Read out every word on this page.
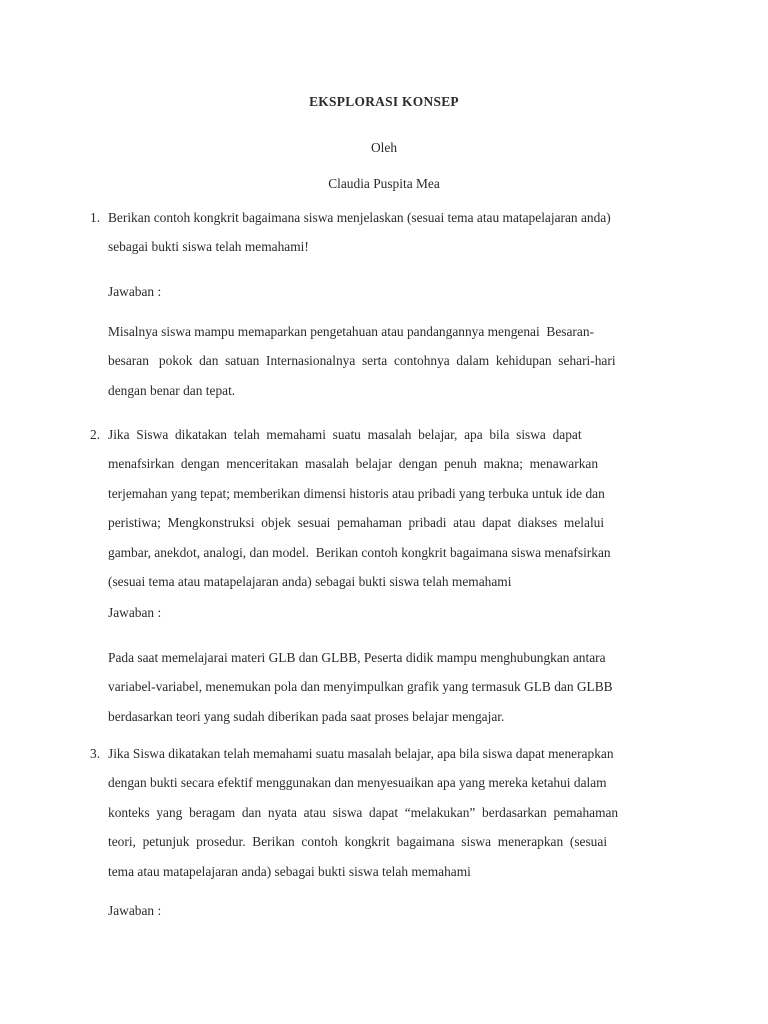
EKSPLORASI KONSEP
Oleh
Claudia Puspita Mea
1. Berikan contoh kongkrit bagaimana siswa menjelaskan (sesuai tema atau matapelajaran anda)
sebagai bukti siswa telah memahami!
Jawaban :
Misalnya siswa mampu memaparkan pengetahuan atau pandangannya mengenai  Besaran-
besaran   pokok  dan  satuan  Internasionalnya  serta  contohnya  dalam  kehidupan  sehari-hari
dengan benar dan tepat.
2. Jika  Siswa  dikatakan  telah  memahami  suatu  masalah  belajar,  apa  bila  siswa  dapat
menafsirkan  dengan  menceritakan  masalah  belajar  dengan  penuh  makna;  menawarkan
terjemahan yang tepat; memberikan dimensi historis atau pribadi yang terbuka untuk ide dan
peristiwa;  Mengkonstruksi  objek  sesuai  pemahaman  pribadi  atau  dapat  diakses  melalui
gambar, anekdot, analogi, dan model.  Berikan contoh kongkrit bagaimana siswa menafsirkan
(sesuai tema atau matapelajaran anda) sebagai bukti siswa telah memahami
Jawaban :
Pada saat memelajarai materi GLB dan GLBB, Peserta didik mampu menghubungkan antara
variabel-variabel, menemukan pola dan menyimpulkan grafik yang termasuk GLB dan GLBB
berdasarkan teori yang sudah diberikan pada saat proses belajar mengajar.
3. Jika Siswa dikatakan telah memahami suatu masalah belajar, apa bila siswa dapat menerapkan
dengan bukti secara efektif menggunakan dan menyesuaikan apa yang mereka ketahui dalam
konteks  yang  beragam  dan  nyata  atau  siswa  dapat  “melakukan”  berdasarkan  pemahaman
teori,  petunjuk  prosedur.  Berikan  contoh  kongkrit  bagaimana  siswa  menerapkan  (sesuai
tema atau matapelajaran anda) sebagai bukti siswa telah memahami
Jawaban :
